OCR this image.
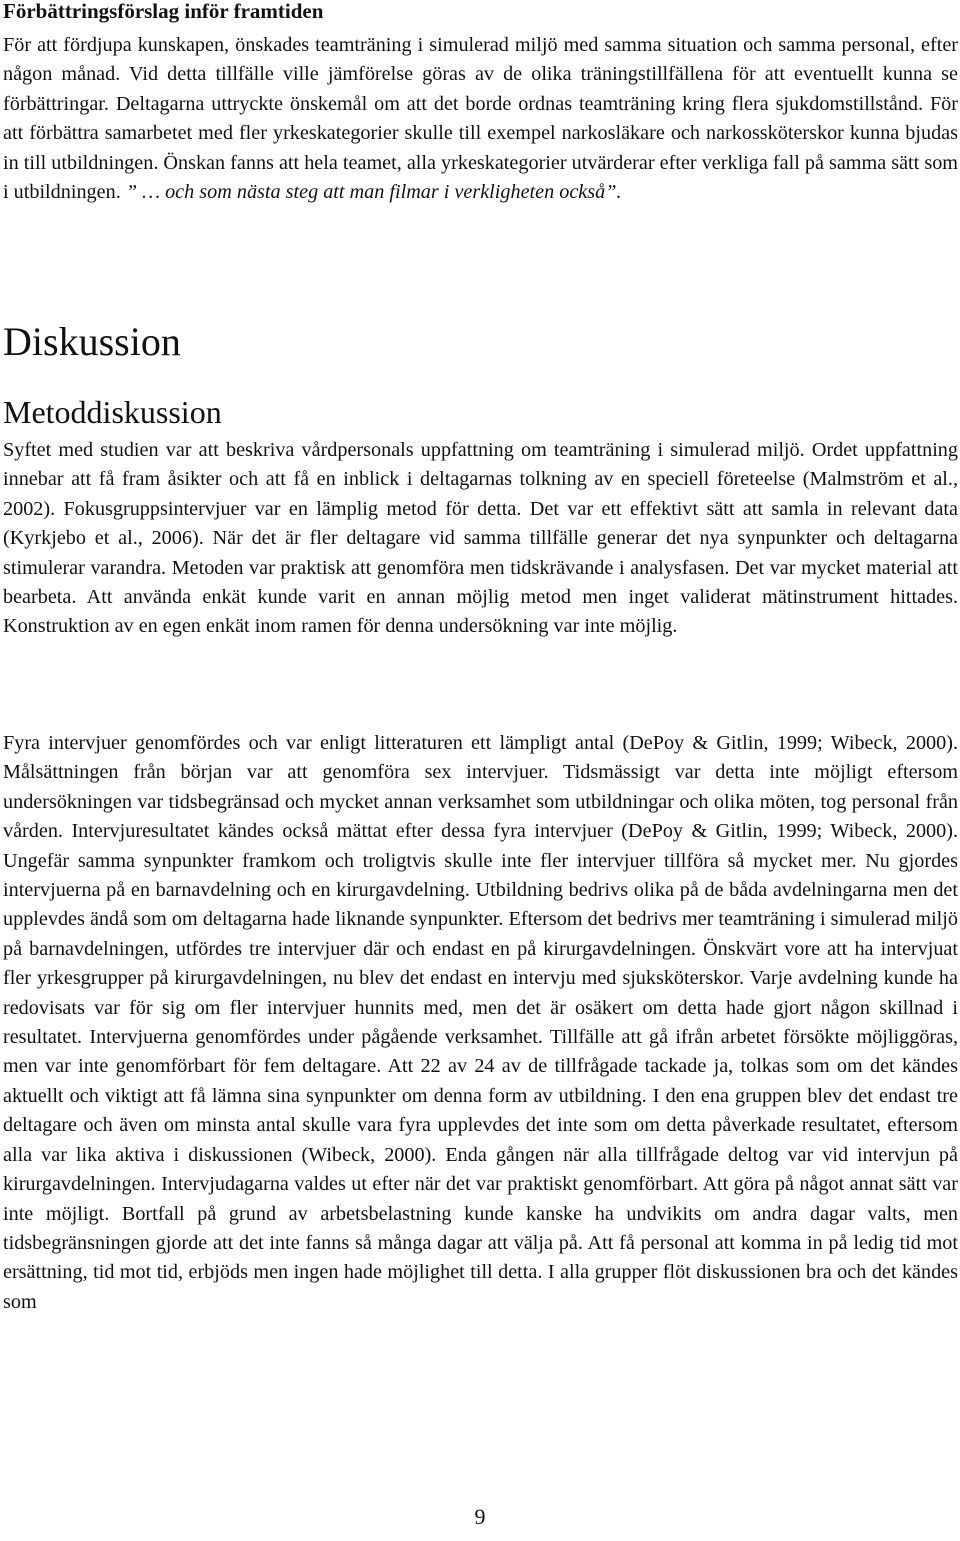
Förbättringsförslag inför framtiden

För att fördjupa kunskapen, önskades teamträning i simulerad miljö med samma situation och samma personal, efter någon månad. Vid detta tillfälle ville jämförelse göras av de olika träningstillfällena för att eventuellt kunna se förbättringar. Deltagarna uttryckte önskemål om att det borde ordnas teamträning kring flera sjukdomstillstånd. För att förbättra samarbetet med fler yrkeskategorier skulle till exempel narkosläkare och narkossköterskor kunna bjudas in till utbildningen. Önskan fanns att hela teamet, alla yrkeskategorier utvärderar efter verkliga fall på samma sätt som i utbildningen. ” … och som nästa steg att man filmar i verkligheten också”.

Diskussion
Metoddiskussion

Syftet med studien var att beskriva vårdpersonals uppfattning om teamträning i simulerad miljö. Ordet uppfattning innebar att få fram åsikter och att få en inblick i deltagarnas tolkning av en speciell företeelse (Malmström et al., 2002). Fokusgruppsintervjuer var en lämplig metod för detta. Det var ett effektivt sätt att samla in relevant data (Kyrkjebo et al., 2006). När det är fler deltagare vid samma tillfälle generar det nya synpunkter och deltagarna stimulerar varandra. Metoden var praktisk att genomföra men tidskrävande i analysfasen. Det var mycket material att bearbeta. Att använda enkät kunde varit en annan möjlig metod men inget validerat mätinstrument hittades. Konstruktion av en egen enkät inom ramen för denna undersökning var inte möjlig.

Fyra intervjuer genomfördes och var enligt litteraturen ett lämpligt antal (DePoy & Gitlin, 1999; Wibeck, 2000). Målsättningen från början var att genomföra sex intervjuer. Tidsmässigt var detta inte möjligt eftersom undersökningen var tidsbegränsad och mycket annan verksamhet som utbildningar och olika möten, tog personal från vården. Intervjuresultatet kändes också mättat efter dessa fyra intervjuer (DePoy & Gitlin, 1999; Wibeck, 2000). Ungefär samma synpunkter framkom och troligtvis skulle inte fler intervjuer tillföra så mycket mer. Nu gjordes intervjuerna på en barnavdelning och en kirurgavdelning. Utbildning bedrivs olika på de båda avdelningarna men det upplevdes ändå som om deltagarna hade liknande synpunkter. Eftersom det bedrivs mer teamträning i simulerad miljö på barnavdelningen, utfördes tre intervjuer där och endast en på kirurgavdelningen. Önskvärt vore att ha intervjuat fler yrkesgrupper på kirurgavdelningen, nu blev det endast en intervju med sjuksköterskor. Varje avdelning kunde ha redovisats var för sig om fler intervjuer hunnits med, men det är osäkert om detta hade gjort någon skillnad i resultatet. Intervjuerna genomfördes under pågående verksamhet. Tillfälle att gå ifrån arbetet försökte möjliggöras, men var inte genomförbart för fem deltagare. Att 22 av 24 av de tillfrågade tackade ja, tolkas som om det kändes aktuellt och viktigt att få lämna sina synpunkter om denna form av utbildning. I den ena gruppen blev det endast tre deltagare och även om minsta antal skulle vara fyra upplevdes det inte som om detta påverkade resultatet, eftersom alla var lika aktiva i diskussionen (Wibeck, 2000). Enda gången när alla tillfrågade deltog var vid intervjun på kirurgavdelningen. Intervjudagarna valdes ut efter när det var praktiskt genomförbart. Att göra på något annat sätt var inte möjligt. Bortfall på grund av arbetsbelastning kunde kanske ha undvikits om andra dagar valts, men tidsbegränsningen gjorde att det inte fanns så många dagar att välja på. Att få personal att komma in på ledig tid mot ersättning, tid mot tid, erbjöds men ingen hade möjlighet till detta. I alla grupper flöt diskussionen bra och det kändes som

9
